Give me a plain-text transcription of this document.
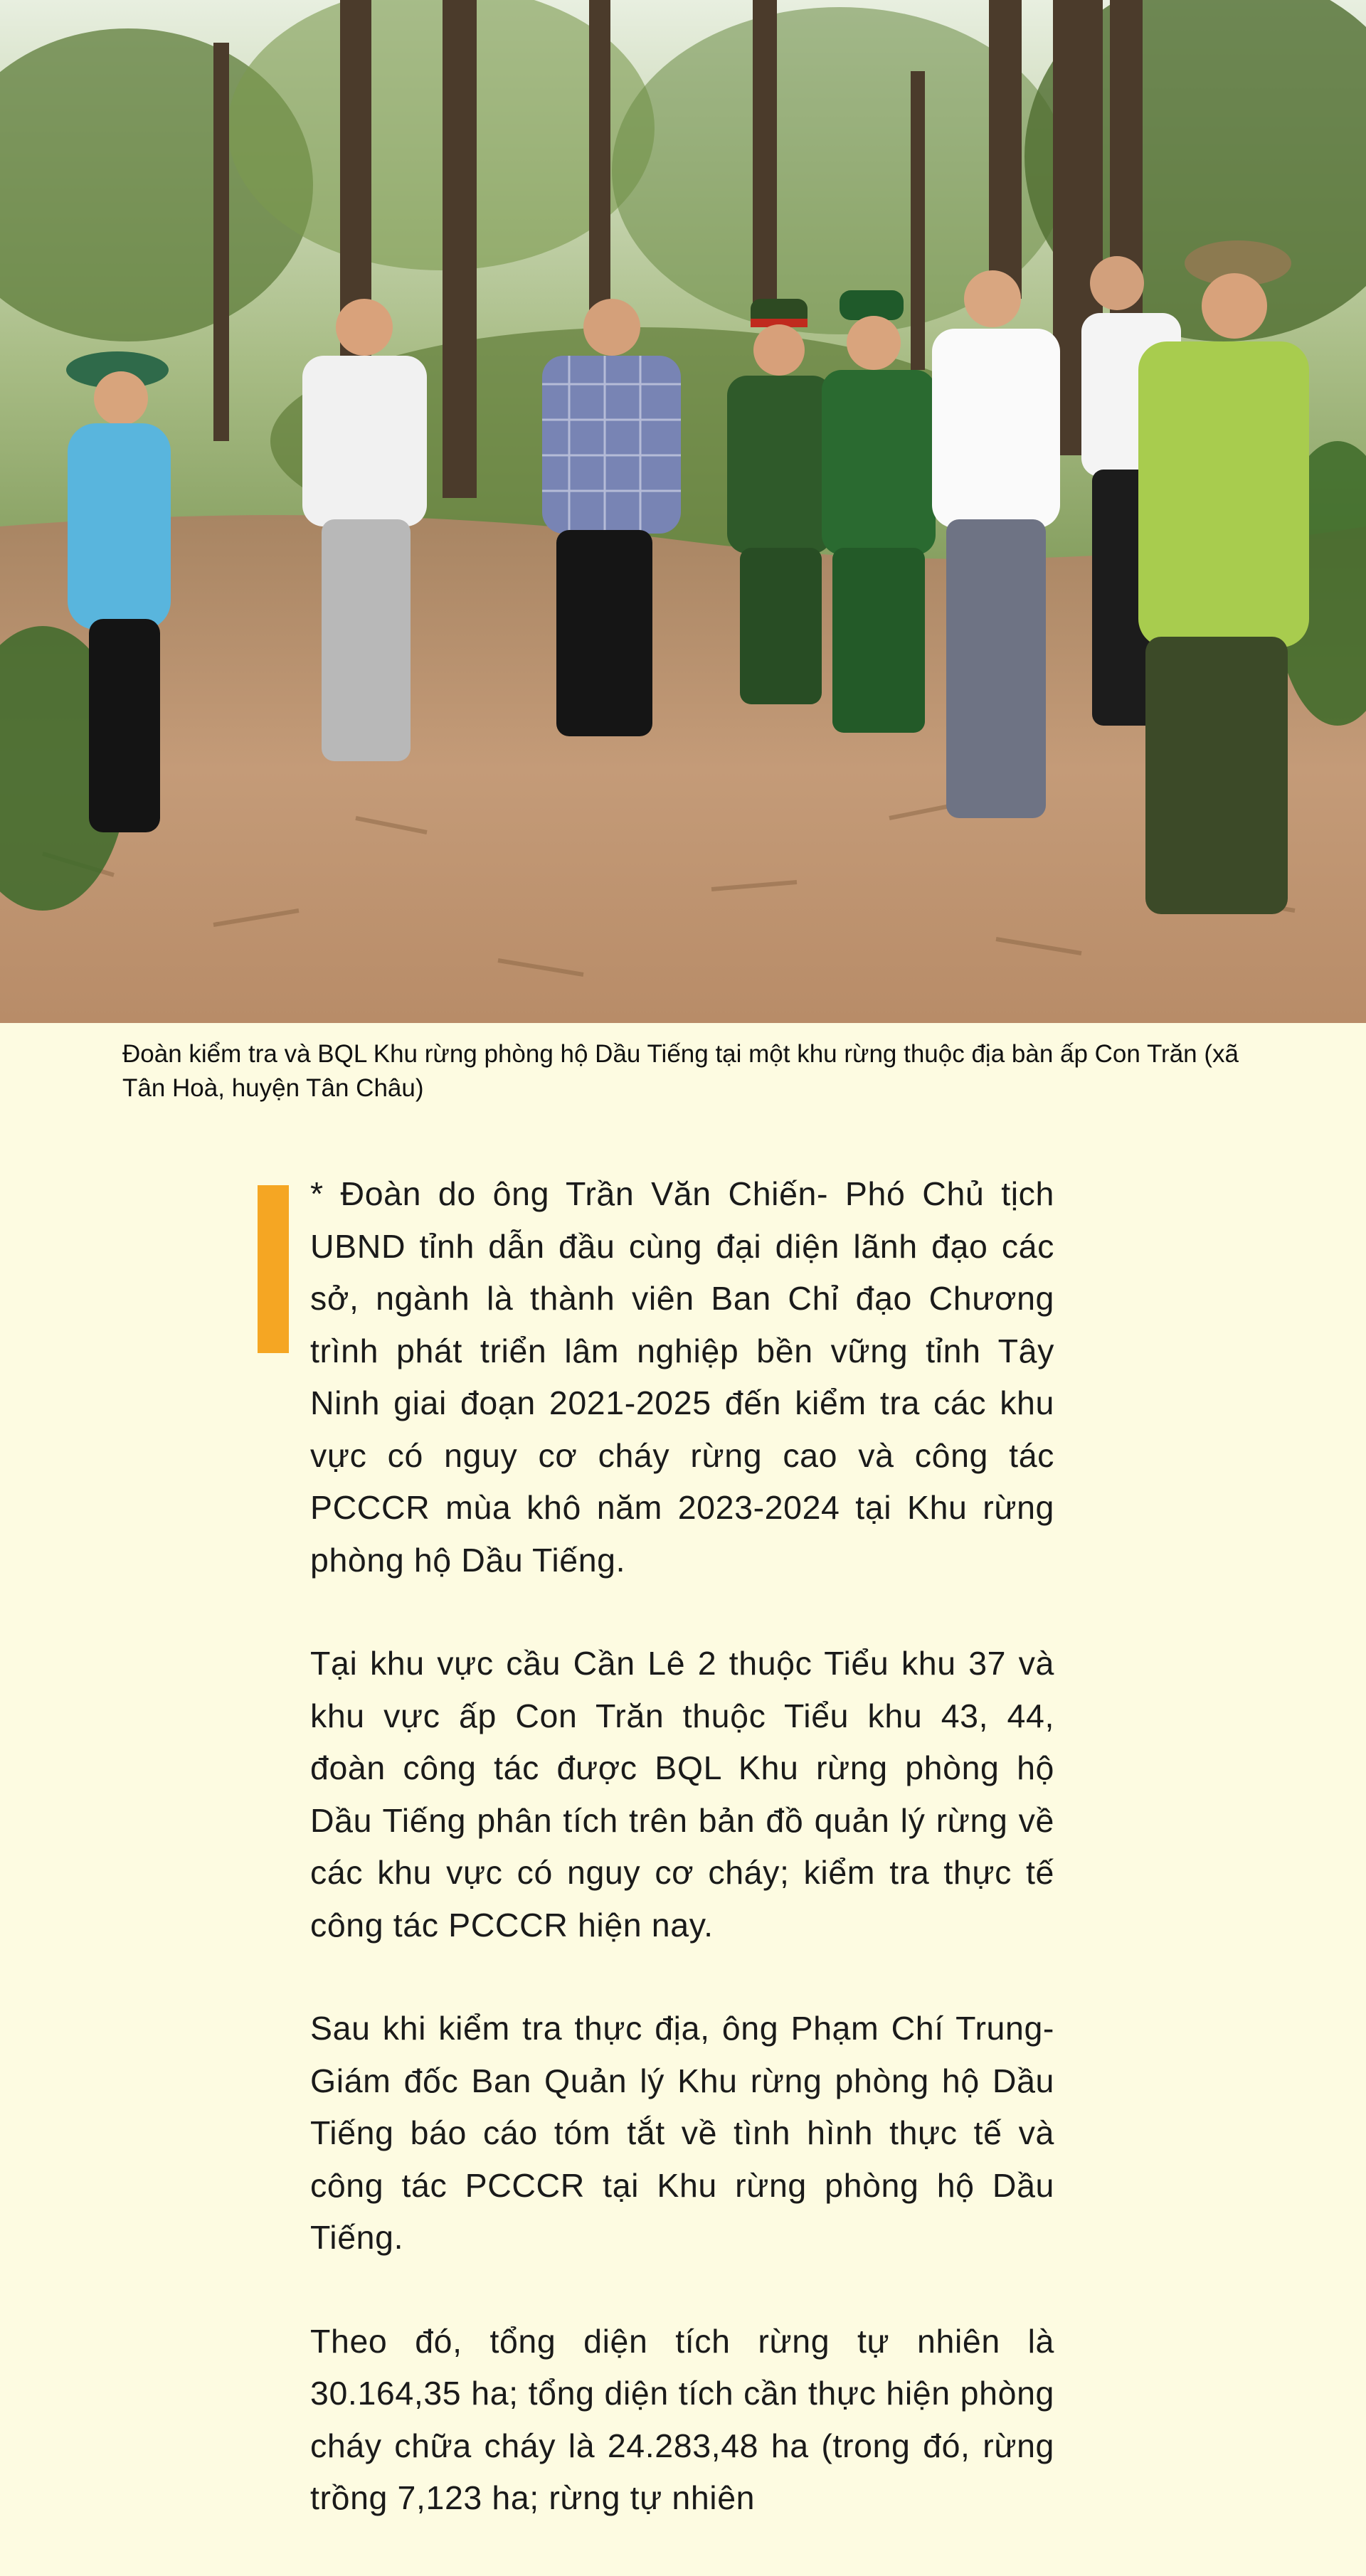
Đoàn kiểm tra và BQL Khu rừng phòng hộ Dầu Tiếng tại một khu rừng thuộc địa bàn ấp Con Trăn (xã Tân Hoà, huyện Tân Châu)

* Đoàn do ông Trần Văn Chiến- Phó Chủ tịch UBND tỉnh dẫn đầu cùng đại diện lãnh đạo các sở, ngành là thành viên Ban Chỉ đạo Chương trình phát triển lâm nghiệp bền vững tỉnh Tây Ninh giai đoạn 2021-2025 đến kiểm tra các khu vực có nguy cơ cháy rừng cao và công tác PCCCR mùa khô năm 2023-2024 tại Khu rừng phòng hộ Dầu Tiếng.

Tại khu vực cầu Cần Lê 2 thuộc Tiểu khu 37 và khu vực ấp Con Trăn thuộc Tiểu khu 43, 44, đoàn công tác được BQL Khu rừng phòng hộ Dầu Tiếng phân tích trên bản đồ quản lý rừng về các khu vực có nguy cơ cháy; kiểm tra thực tế công tác PCCCR hiện nay.

Sau khi kiểm tra thực địa, ông Phạm Chí Trung- Giám đốc Ban Quản lý Khu rừng phòng hộ Dầu Tiếng báo cáo tóm tắt về tình hình thực tế và công tác PCCCR tại Khu rừng phòng hộ Dầu Tiếng.

Theo đó, tổng diện tích rừng tự nhiên là 30.164,35 ha; tổng diện tích cần thực hiện phòng cháy chữa cháy là 24.283,48 ha (trong đó, rừng trồng 7,123 ha; rừng tự nhiên
